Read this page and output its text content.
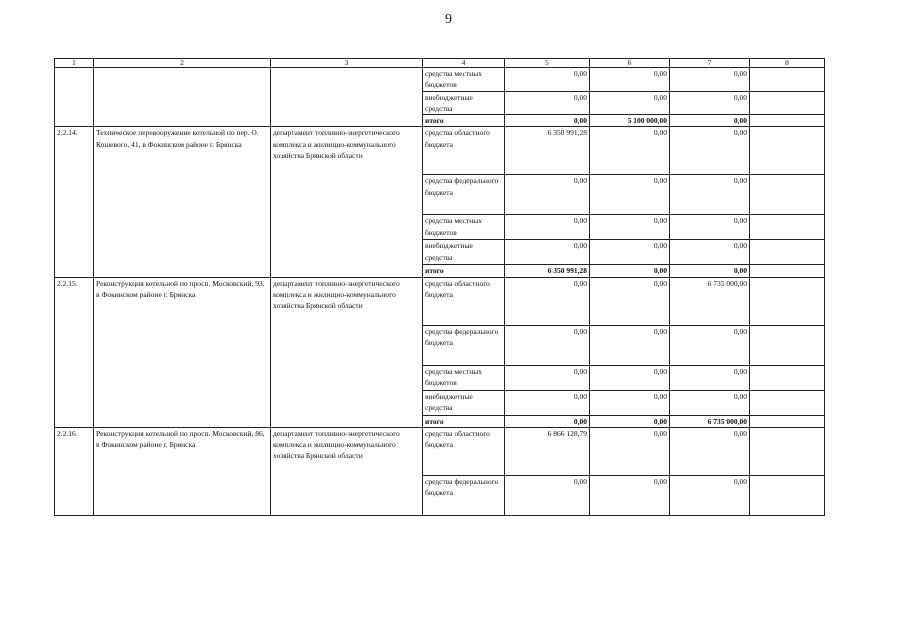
9
1	2	3	4	5	6	7	8
			средства местных бюджетов	0,00	0,00	0,00	
			внебюджетные средства	0,00	0,00	0,00	
			итого	0,00	5 100 000,00	0,00	
2.2.14.	Техническое перевооружение котельной по пер. О. Кошевого, 41, в Фокинском районе г. Брянска	департамент топливно-энергетического комплекса и жилищно-коммунального хозяйства Брянской области	средства областного бюджета	6 350 991,28	0,00	0,00	
			средства федерального бюджета	0,00	0,00	0,00	
			средства местных бюджетов	0,00	0,00	0,00	
			внебюджетные средства	0,00	0,00	0,00	
			итого	6 350 991,28	0,00	0,00	
2.2.15.	Реконструкция котельной по просп. Московский, 93, в Фокинском районе г. Брянска	департамент топливно-энергетического комплекса и жилищно-коммунального хозяйства Брянской области	средства областного бюджета	0,00	0,00	6 735 000,00	
			средства федерального бюджета	0,00	0,00	0,00	
			средства местных бюджетов	0,00	0,00	0,00	
			внебюджетные средства	0,00	0,00	0,00	
			итого	0,00	0,00	6 735 000,00	
2.2.16.	Реконструкция котельной по просп. Московский, 86, в Фокинском районе г. Брянска	департамент топливно-энергетического комплекса и жилищно-коммунального хозяйства Брянской области	средства областного бюджета	6 866 128,79	0,00	0,00	
			средства федерального бюджета	0,00	0,00	0,00	
